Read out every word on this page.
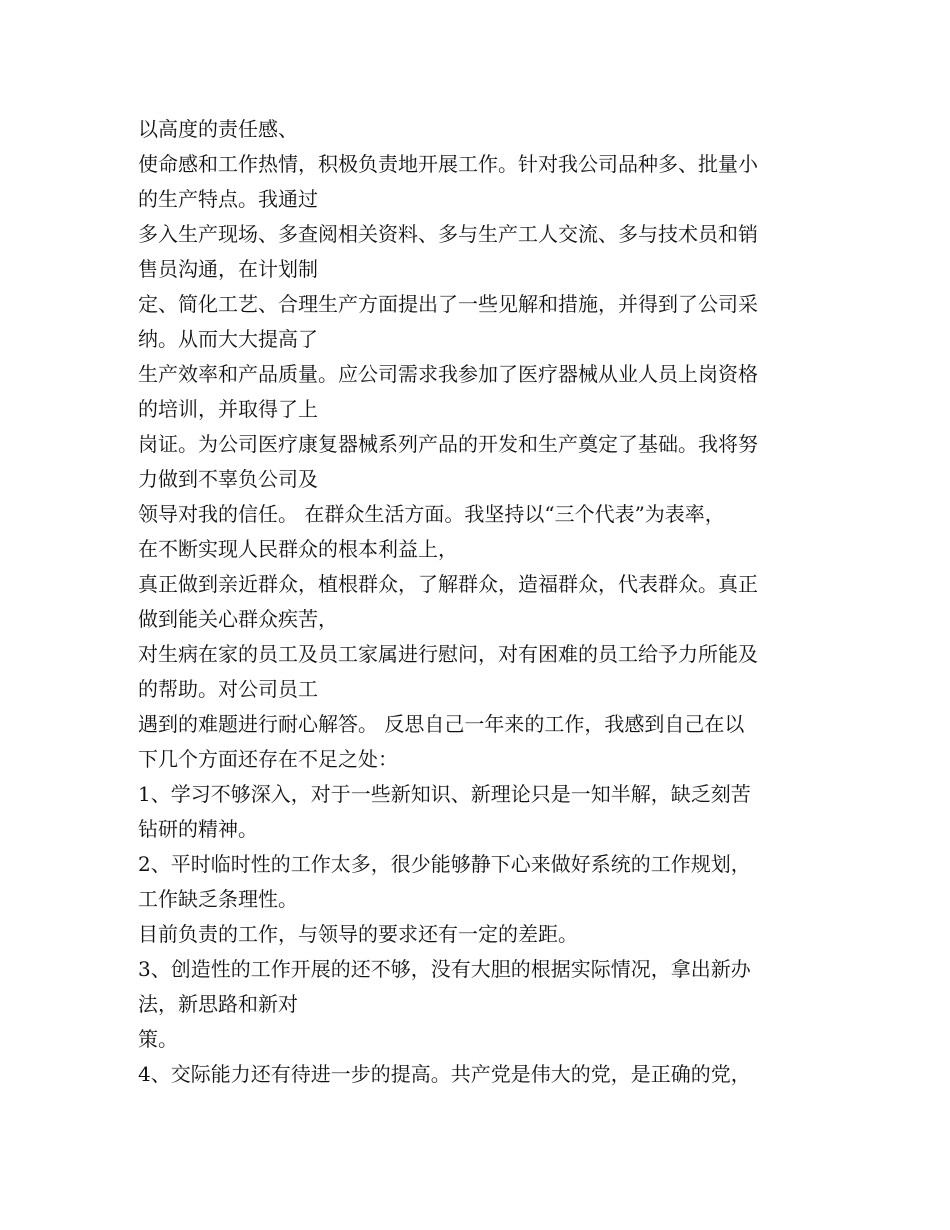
以高度的责任感、
使命感和工作热情，积极负责地开展工作。针对我公司品种多、批量小
的生产特点。我通过
多入生产现场、多查阅相关资料、多与生产工人交流、多与技术员和销
售员沟通，在计划制
定、简化工艺、合理生产方面提出了一些见解和措施，并得到了公司采
纳。从而大大提高了
生产效率和产品质量。应公司需求我参加了医疗器械从业人员上岗资格
的培训，并取得了上
岗证。为公司医疗康复器械系列产品的开发和生产奠定了基础。我将努
力做到不辜负公司及
领导对我的信任。 在群众生活方面。我坚持以“三个代表”为表率，
在不断实现人民群众的根本利益上，
真正做到亲近群众，植根群众，了解群众，造福群众，代表群众。真正
做到能关心群众疾苦，
对生病在家的员工及员工家属进行慰问，对有困难的员工给予力所能及
的帮助。对公司员工
遇到的难题进行耐心解答。 反思自己一年来的工作，我感到自己在以
下几个方面还存在不足之处：
1、学习不够深入，对于一些新知识、新理论只是一知半解，缺乏刻苦
钻研的精神。
2、平时临时性的工作太多，很少能够静下心来做好系统的工作规划，
工作缺乏条理性。
目前负责的工作，与领导的要求还有一定的差距。
3、创造性的工作开展的还不够，没有大胆的根据实际情况，拿出新办
法，新思路和新对
策。
4、交际能力还有待进一步的提高。共产党是伟大的党，是正确的党，
